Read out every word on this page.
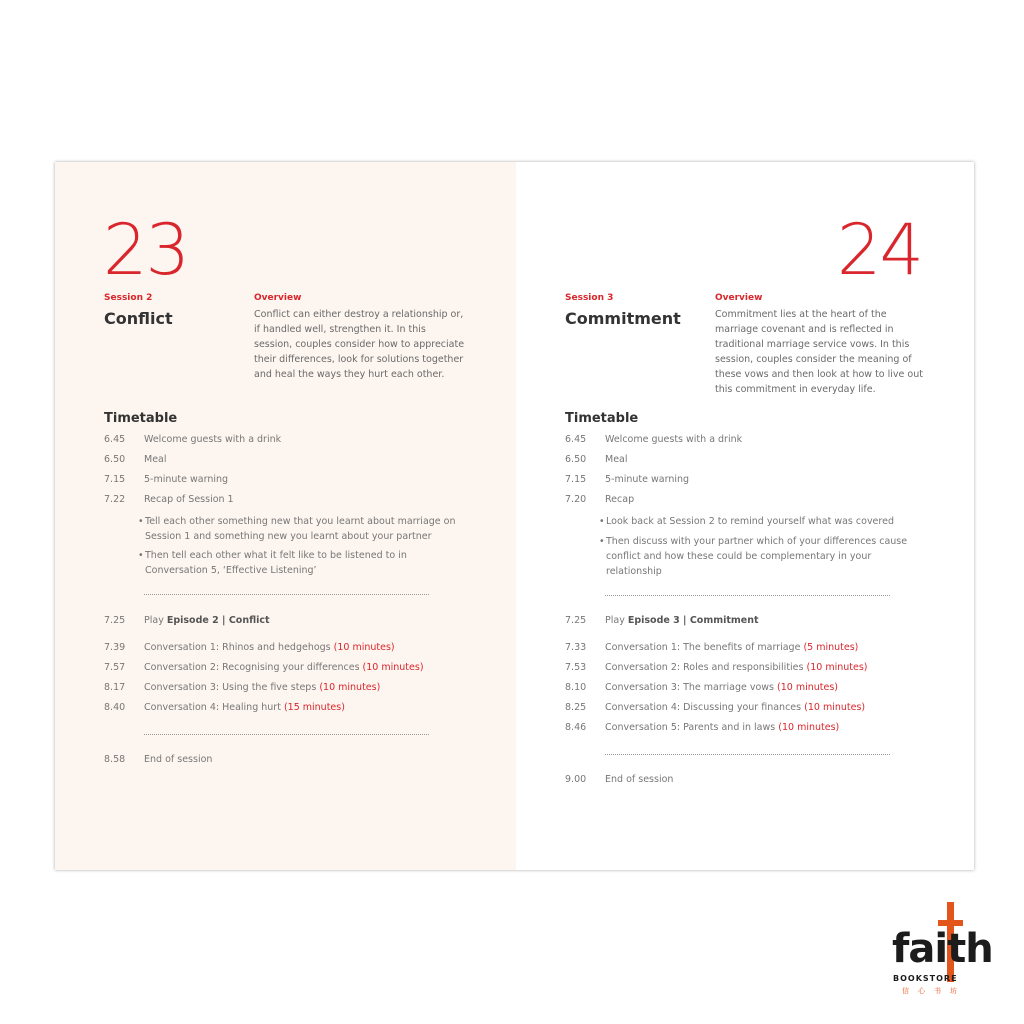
23
Session 2
Conflict
Overview
Conflict can either destroy a relationship or, if handled well, strengthen it. In this session, couples consider how to appreciate their differences, look for solutions together and heal the ways they hurt each other.
Timetable
6.45 Welcome guests with a drink
6.50 Meal
7.15 5-minute warning
7.22 Recap of Session 1
• Tell each other something new that you learnt about marriage on Session 1 and something new you learnt about your partner
• Then tell each other what it felt like to be listened to in Conversation 5, ‘Effective Listening’
7.25 Play Episode 2 | Conflict
7.39 Conversation 1: Rhinos and hedgehogs (10 minutes)
7.57 Conversation 2: Recognising your differences (10 minutes)
8.17 Conversation 3: Using the five steps (10 minutes)
8.40 Conversation 4: Healing hurt (15 minutes)
8.58 End of session
24
Session 3
Commitment
Overview
Commitment lies at the heart of the marriage covenant and is reflected in traditional marriage service vows. In this session, couples consider the meaning of these vows and then look at how to live out this commitment in everyday life.
Timetable
6.45 Welcome guests with a drink
6.50 Meal
7.15 5-minute warning
7.20 Recap
• Look back at Session 2 to remind yourself what was covered
• Then discuss with your partner which of your differences cause conflict and how these could be complementary in your relationship
7.25 Play Episode 3 | Commitment
7.33 Conversation 1: The benefits of marriage (5 minutes)
7.53 Conversation 2: Roles and responsibilities (10 minutes)
8.10 Conversation 3: The marriage vows (10 minutes)
8.25 Conversation 4: Discussing your finances (10 minutes)
8.46 Conversation 5: Parents and in laws (10 minutes)
9.00 End of session
faith
BOOKSTORE
信心书坊
